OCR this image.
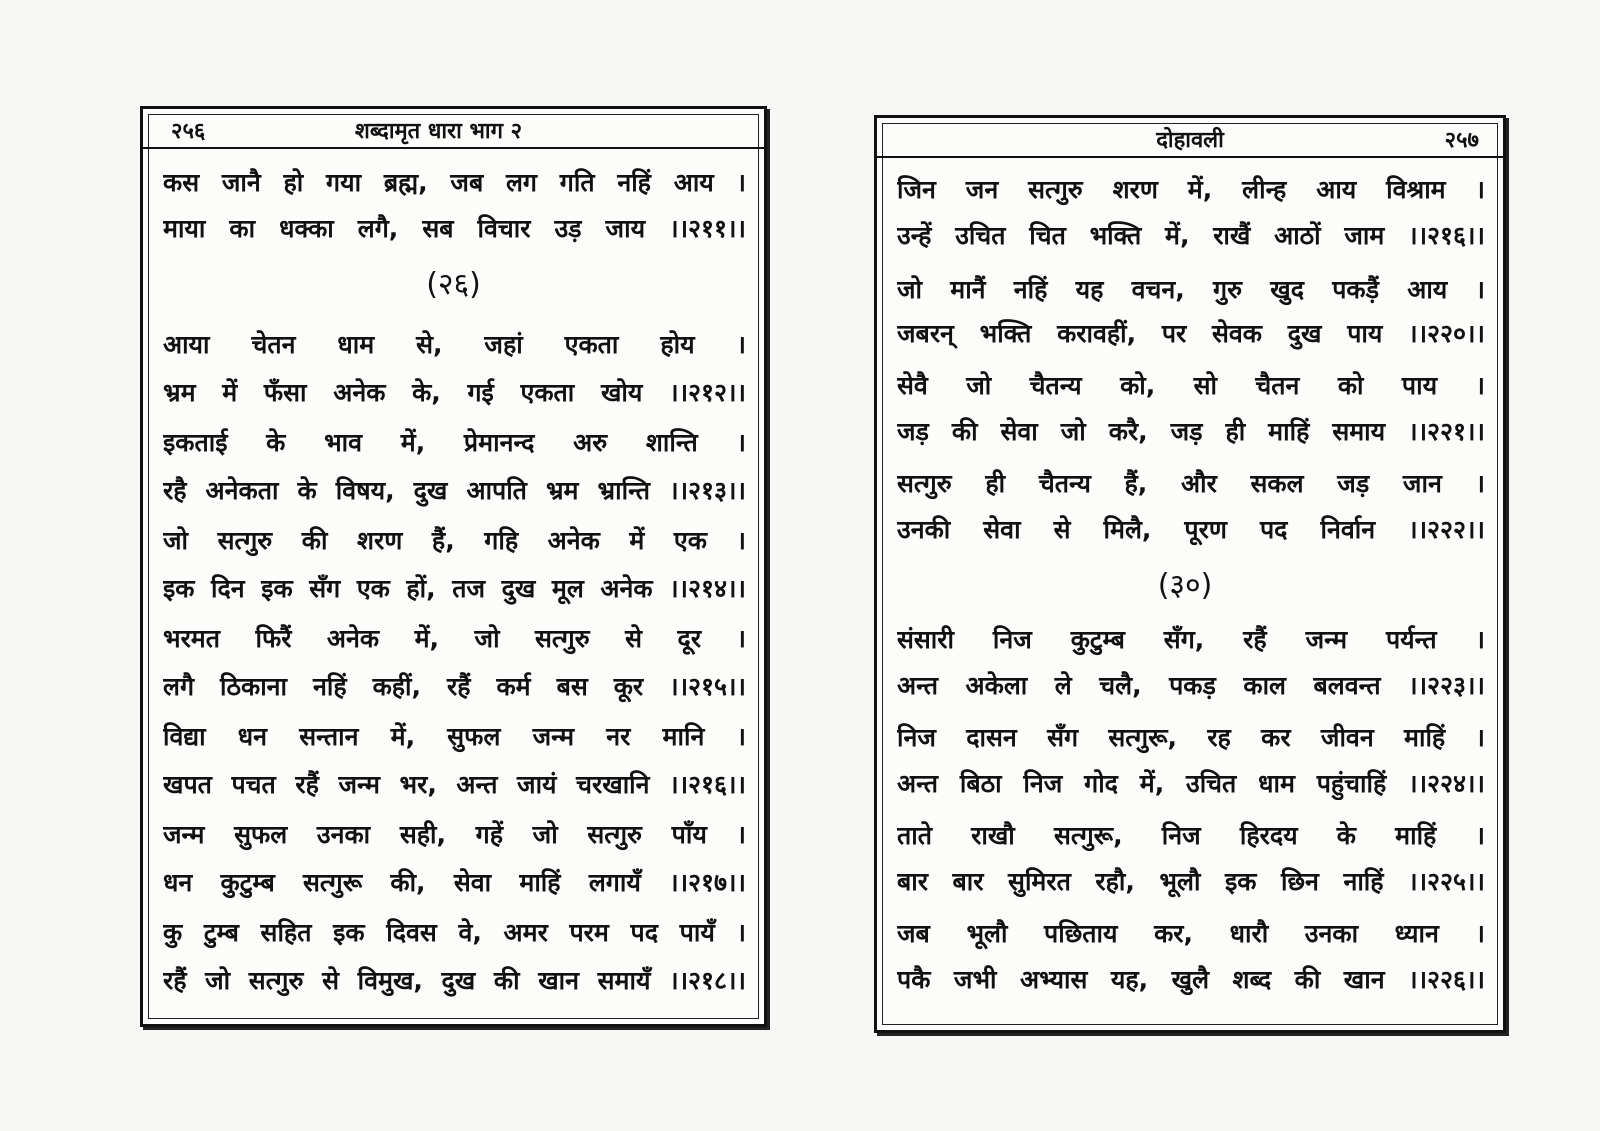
२५६	शब्दामृत धारा भाग २
कस जानै हो गया ब्रह्म, जब लग गति नहिं आय ।
माया का धक्का लगै, सब विचार उड़ जाय ।।२११।।
(२६)
आया चेतन धाम से, जहां एकता होय ।
भ्रम में फँसा अनेक के, गई एकता खोय ।।२१२।।
इकताई के भाव में, प्रेमानन्द अरु शान्ति ।
रहै अनेकता के विषय, दुख आपति भ्रम भ्रान्ति ।।२१३।।
जो सत्गुरु की शरण हैं, गहि अनेक में एक ।
इक दिन इक सँग एक हों, तज दुख मूल अनेक ।।२१४।।
भरमत फिरैं अनेक में, जो सत्गुरु से दूर ।
लगै ठिकाना नहिं कहीं, रहैं कर्म बस कूर ।।२१५।।
विद्या धन सन्तान में, सुफल जन्म नर मानि ।
खपत पचत रहैं जन्म भर, अन्त जायं चरखानि ।।२१६।।
जन्म सुफल उनका सही, गहें जो सत्गुरु पाँय ।
धन कुटुम्ब सत्गुरू की, सेवा माहिं लगायँ ।।२१७।।
कु टुम्ब सहित इक दिवस वे, अमर परम पद पायँ ।
रहैं जो सत्गुरु से विमुख, दुख की खान समायँ ।।२१८।।
दोहावली	२५७
जिन जन सत्गुरु शरण में, लीन्ह आय विश्राम ।
उन्हें उचित चित भक्ति में, राखैं आठों जाम ।।२१६।।
जो मानैं नहिं यह वचन, गुरु खुद पकड़ैं आय ।
जबरन् भक्ति करावहीं, पर सेवक दुख पाय ।।२२०।।
सेवै जो चैतन्य को, सो चैतन को पाय ।
जड़ की सेवा जो करै, जड़ ही माहिं समाय ।।२२१।।
सत्गुरु ही चैतन्य हैं, और सकल जड़ जान ।
उनकी सेवा से मिलै, पूरण पद निर्वान ।।२२२।।
(३०)
संसारी निज कुटुम्ब सँग, रहैं जन्म पर्यन्त ।
अन्त अकेला ले चलै, पकड़ काल बलवन्त ।।२२३।।
निज दासन सँग सत्गुरू, रह कर जीवन माहिं ।
अन्त बिठा निज गोद में, उचित धाम पहुंचाहिं ।।२२४।।
ताते राखौ सत्गुरू, निज हिरदय के माहिं ।
बार बार सुमिरत रहौ, भूलौ इक छिन नाहिं ।।२२५।।
जब भूलौ पछिताय कर, धारौ उनका ध्यान ।
पकै जभी अभ्यास यह, खुलै शब्द की खान ।।२२६।।
